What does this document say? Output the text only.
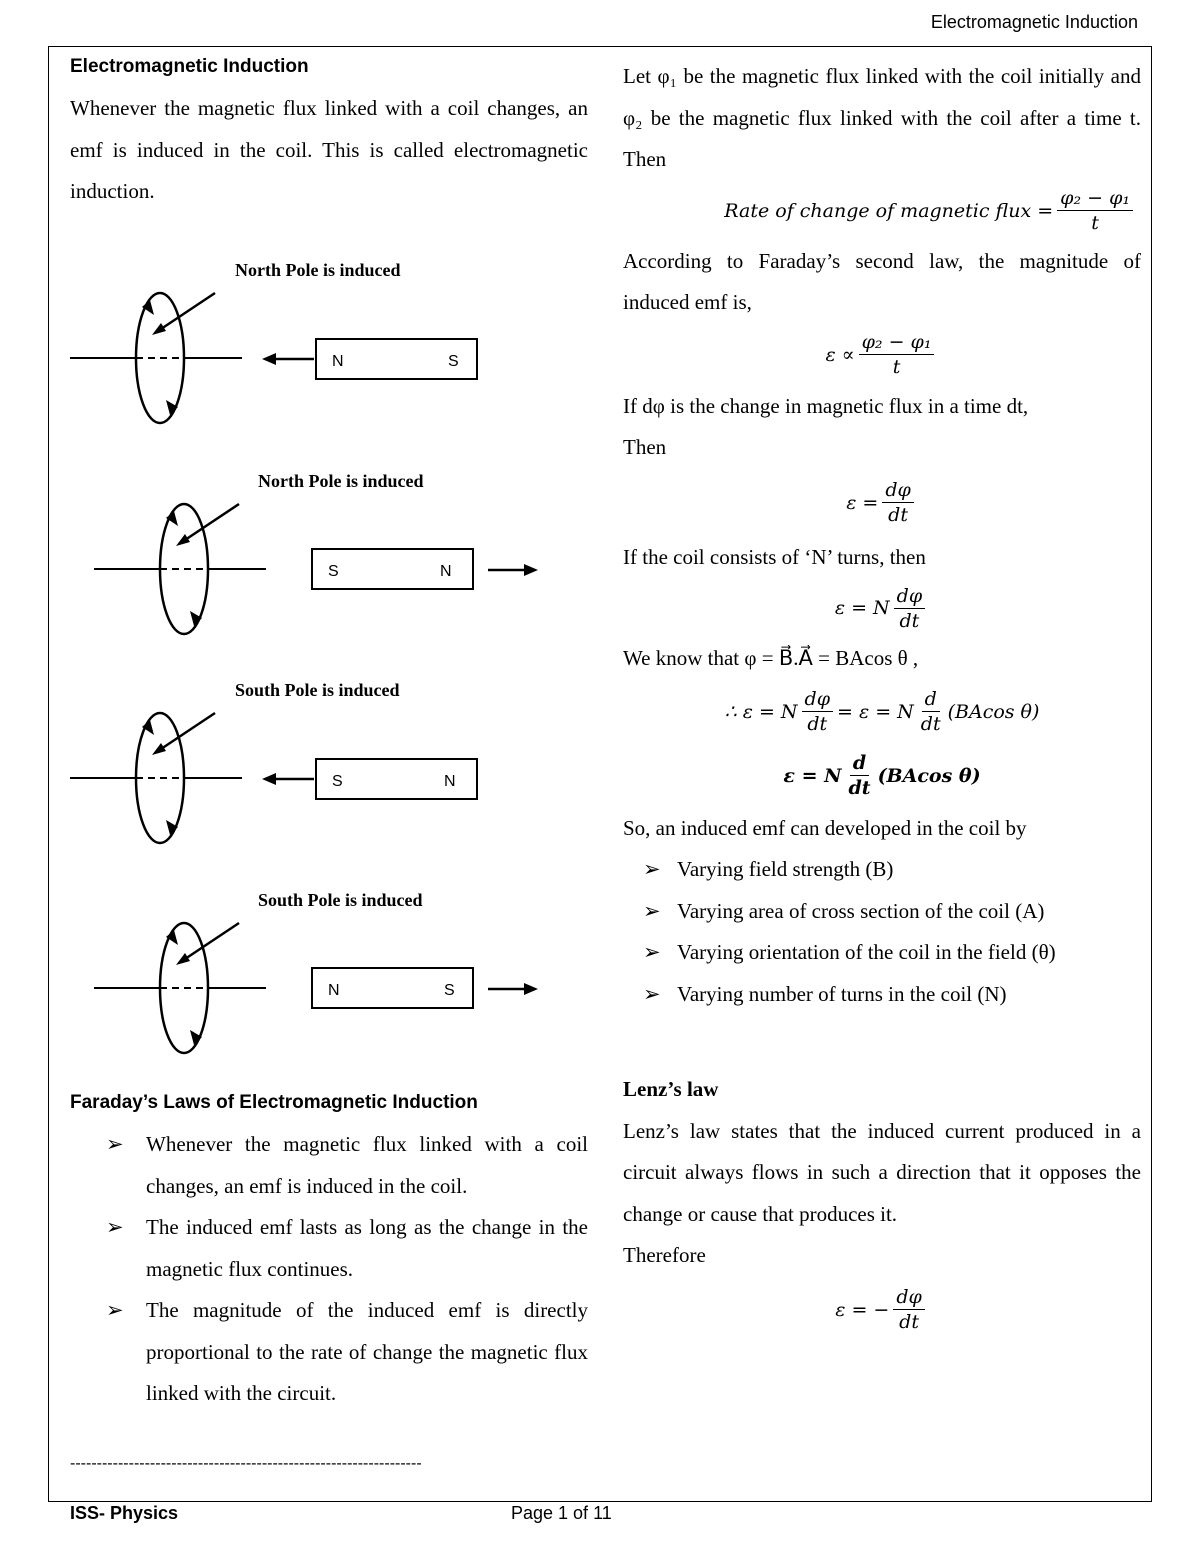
Electromagnetic Induction
Electromagnetic Induction

Whenever the magnetic flux linked with a coil changes, an emf is induced in the coil. This is called electromagnetic induction.

North Pole is induced
N	S
North Pole is induced
S	N
South Pole is induced
S	N
South Pole is induced
N	S
Faraday’s Laws of Electromagnetic Induction
➢ Whenever the magnetic flux linked with a coil changes, an emf is induced in the coil.
➢ The induced emf lasts as long as the change in the magnetic flux continues.
➢ The magnitude of the induced emf is directly proportional to the rate of change the magnetic flux linked with the circuit.
------------------------------------------------------------------

Let φ₁ be the magnetic flux linked with the coil initially and φ₂ be the magnetic flux linked with the coil after a time t. Then

Rate of change of magnetic flux = $\frac{\text{φ₂ − φ₁}}{t}$

According to Faraday’s second law, the magnitude of induced emf is,

$\varepsilon \propto \frac{\text{φ₂ − φ₁}}{t}$

If dφ is the change in magnetic flux in a time dt,

Then

$\varepsilon = \frac{d\varphi}{dt}$

If the coil consists of ‘N’ turns, then

ε = N $\frac{d\varphi}{dt}$

We know that φ = B⃗.A⃗ = BAcos θ ,

∴ ε = N $\frac{d\varphi}{dt} = \varepsilon = N \frac{d}{dt} (BAcos$ θ)
ε = N $\frac{d}{dt} (BAcos$ θ)

So, an induced emf can developed in the coil by

➢ Varying field strength (B)
➢ Varying area of cross section of the coil (A)
➢ Varying orientation of the coil in the field (θ)
➢ Varying number of turns in the coil (N)

Lenz’s law

Lenz’s law states that the induced current produced in a circuit always flows in such a direction that it opposes the change or cause that produces it.

Therefore

ε = − $\frac{d\varphi}{dt}$
ISS- Physics	Page 1 of 11
